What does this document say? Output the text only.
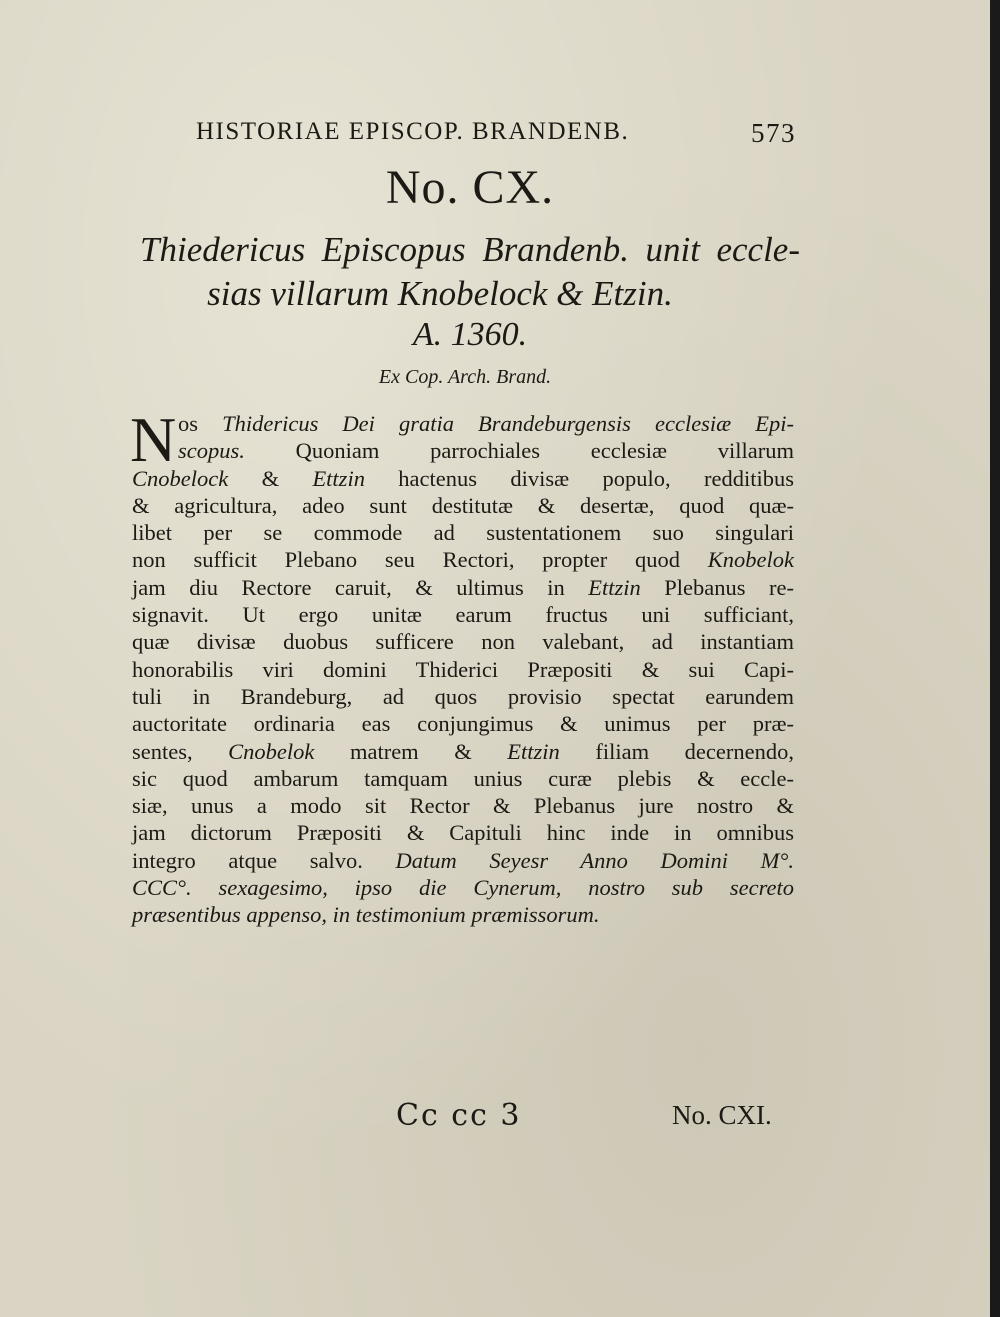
HISTORIAE EPISCOP. BRANDENB.	573
No. CX.
Thiedericus Episcopus Brandenb. unit eccle-
sias villarum Knobelock & Etzin.
A. 1360.
Ex Cop. Arch. Brand.
N os Thidericus Dei gratia Brandeburgensis ecclesiæ Epi-
scopus. Quoniam parrochiales ecclesiæ villarum
Cnobelock & Ettzin hactenus divisæ populo, redditibus
& agricultura, adeo sunt destitutæ & desertæ, quod quæ-
libet per se commode ad sustentationem suo singulari
non sufficit Plebano seu Rectori, propter quod Knobelok
jam diu Rectore caruit, & ultimus in Ettzin Plebanus re-
signavit. Ut ergo unitæ earum fructus uni sufficiant,
quæ divisæ duobus sufficere non valebant, ad instantiam
honorabilis viri domini Thiderici Præpositi & sui Capi-
tuli in Brandeburg, ad quos provisio spectat earundem
auctoritate ordinaria eas conjungimus & unimus per præ-
sentes, Cnobelok matrem & Ettzin filiam decernendo,
sic quod ambarum tamquam unius curæ plebis & eccle-
siæ, unus a modo sit Rector & Plebanus jure nostro &
jam dictorum Præpositi & Capituli hinc inde in omnibus
integro atque salvo. Datum Seyesr Anno Domini M°.
CCC°. sexagesimo, ipso die Cynerum, nostro sub secreto
præsentibus appenso, in testimonium præmissorum.
Cc cc 3	No. CXI.
